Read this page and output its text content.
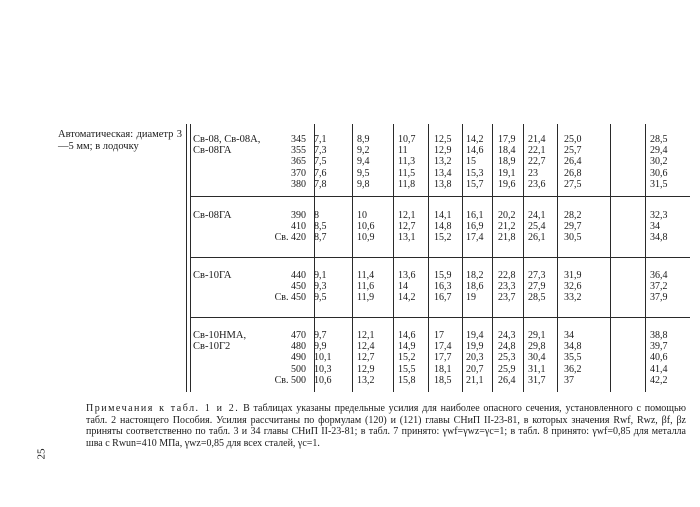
25
Автоматическая: диаметр 3—5 мм; в лодочку
Св-08, Св-08А,
Св-08ГА
Св-08ГА
Св-10ГА
Св-10НМА,
Св-10Г2
345
355
365
370
380
7,1
7,3
7,5
7,6
7,8
8,9
9,2
9,4
9,5
9,8
10,7
11
11,3
11,5
11,8
12,5
12,9
13,2
13,4
13,8
14,2
14,6
15
15,3
15,7
17,9
18,4
18,9
19,1
19,6
21,4
22,1
22,7
23
23,6
25,0
25,7
26,4
26,8
27,5
28,5
29,4
30,2
30,6
31,5
390
410
Св. 420
8
8,5
8,7
10
10,6
10,9
12,1
12,7
13,1
14,1
14,8
15,2
16,1
16,9
17,4
20,2
21,2
21,8
24,1
25,4
26,1
28,2
29,7
30,5
32,3
34
34,8
440
450
Св. 450
9,1
9,3
9,5
11,4
11,6
11,9
13,6
14
14,2
15,9
16,3
16,7
18,2
18,6
19
22,8
23,3
23,7
27,3
27,9
28,5
31,9
32,6
33,2
36,4
37,2
37,9
470
480
490
500
Св. 500
9,7
9,9
10,1
10,3
10,6
12,1
12,4
12,7
12,9
13,2
14,6
14,9
15,2
15,5
15,8
17
17,4
17,7
18,1
18,5
19,4
19,9
20,3
20,7
21,1
24,3
24,8
25,3
25,9
26,4
29,1
29,8
30,4
31,1
31,7
34
34,8
35,5
36,2
37
38,8
39,7
40,6
41,4
42,2

Примечания к табл. 1 и 2. В таблицах указаны предельные усилия для наиболее опасного сечения, установленного с помощью табл. 2 настоящего Пособия. Усилия рассчитаны по формулам (120) и (121) главы СНиП II-23-81, в которых значения Rwf, Rwz, βf, βz приняты соответственно по табл. 3 и 34 главы СНиП II-23-81; в табл. 7 принято: γwf=γwz=γc=1; в табл. 8 принято: γwf=0,85 для металла шва с Rwun=410 МПа, γwz=0,85 для всех сталей, γc=1.
